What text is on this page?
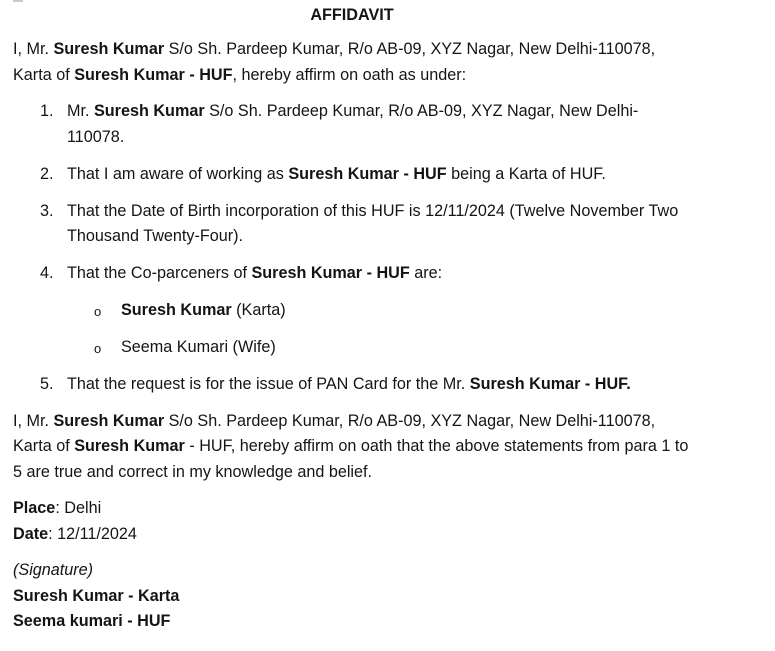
AFFIDAVIT

I, Mr. Suresh Kumar S/o Sh. Pardeep Kumar, R/o AB-09, XYZ Nagar, New Delhi-110078,
Karta of Suresh Kumar - HUF, hereby affirm on oath as under:

1. Mr. Suresh Kumar S/o Sh. Pardeep Kumar, R/o AB-09, XYZ Nagar, New Delhi-110078.
2. That I am aware of working as Suresh Kumar - HUF being a Karta of HUF.
3. That the Date of Birth incorporation of this HUF is 12/11/2024 (Twelve November Two Thousand Twenty-Four).
4. That the Co-parceners of Suresh Kumar - HUF are:
o Suresh Kumar (Karta)
o Seema Kumari (Wife)
5. That the request is for the issue of PAN Card for the Mr. Suresh Kumar - HUF.

I, Mr. Suresh Kumar S/o Sh. Pardeep Kumar, R/o AB-09, XYZ Nagar, New Delhi-110078,
Karta of Suresh Kumar - HUF, hereby affirm on oath that the above statements from para 1 to 5 are true and correct in my knowledge and belief.

Place: Delhi
Date: 12/11/2024

(Signature)

Suresh Kumar - Karta
Seema kumari - HUF
